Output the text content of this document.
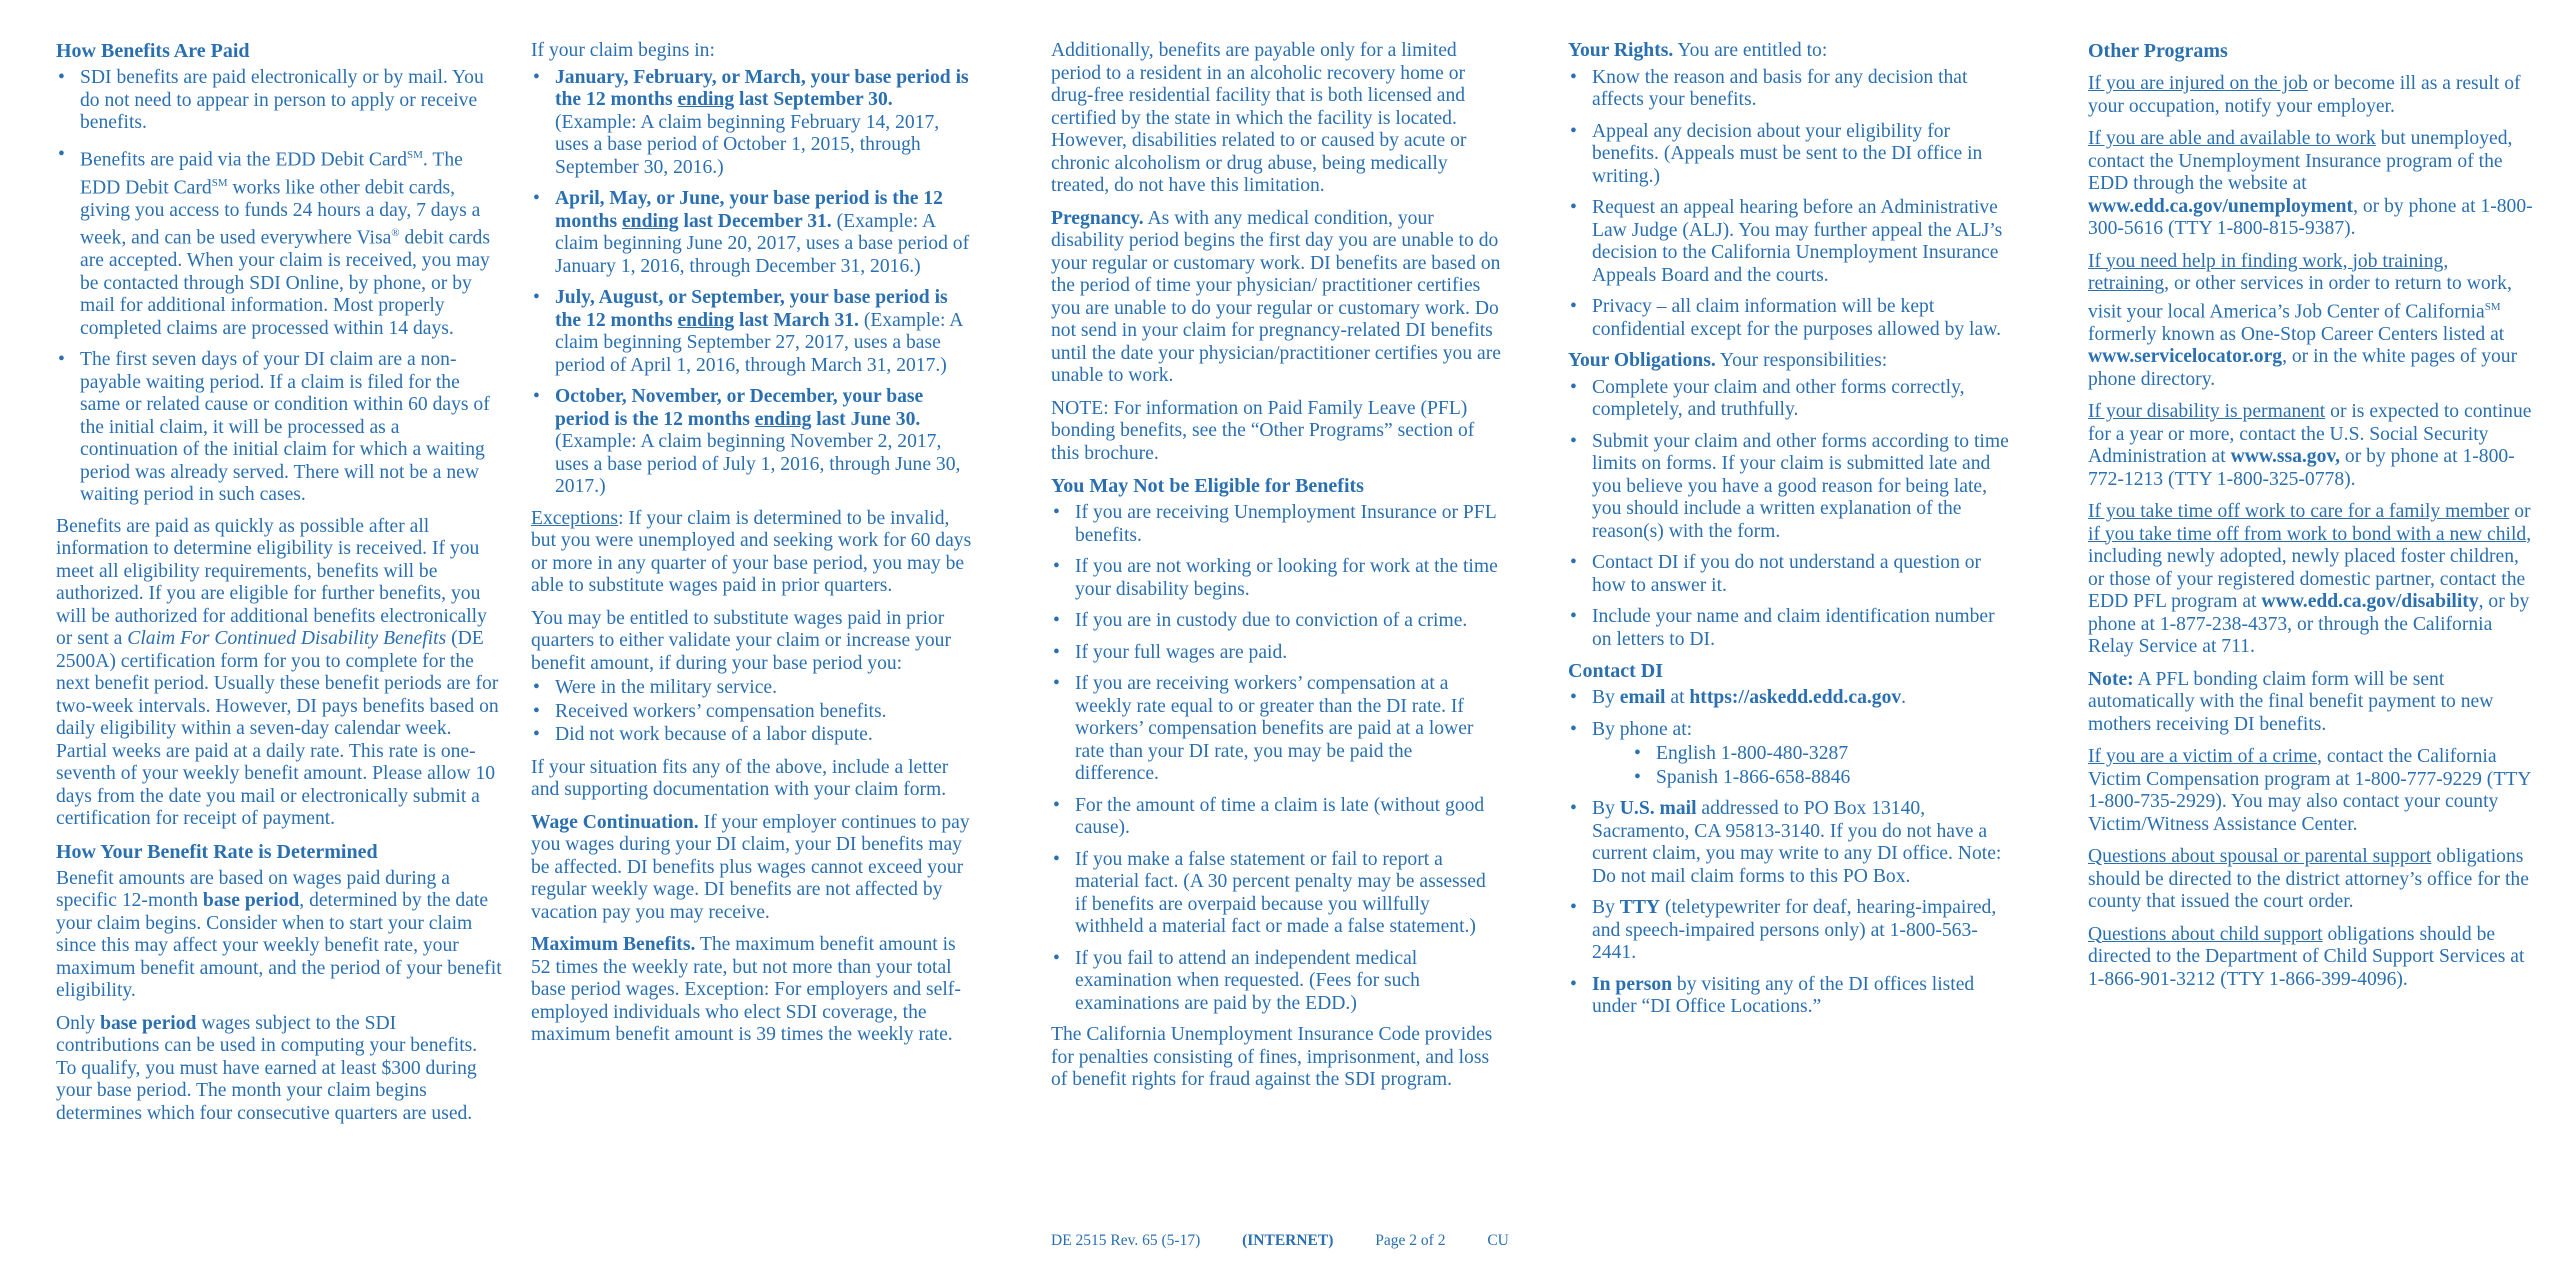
How Benefits Are Paid
• SDI benefits are paid electronically or by mail. You do not need to appear in person to apply or receive benefits.
• Benefits are paid via the EDD Debit Card℠. The EDD Debit Card℠ works like other debit cards, giving you access to funds 24 hours a day, 7 days a week, and can be used everywhere Visa® debit cards are accepted. When your claim is received, you may be contacted through SDI Online, by phone, or by mail for additional information. Most properly completed claims are processed within 14 days.
• The first seven days of your DI claim are a non-payable waiting period. If a claim is filed for the same or related cause or condition within 60 days of the initial claim, it will be processed as a continuation of the initial claim for which a waiting period was already served. There will not be a new waiting period in such cases.

Benefits are paid as quickly as possible after all information to determine eligibility is received. If you meet all eligibility requirements, benefits will be authorized. If you are eligible for further benefits, you will be authorized for additional benefits electronically or sent a Claim For Continued Disability Benefits (DE 2500A) certification form for you to complete for the next benefit period. Usually these benefit periods are for two-week intervals. However, DI pays benefits based on daily eligibility within a seven-day calendar week. Partial weeks are paid at a daily rate. This rate is one-seventh of your weekly benefit amount. Please allow 10 days from the date you mail or electronically submit a certification for receipt of payment.

How Your Benefit Rate is Determined

Benefit amounts are based on wages paid during a specific 12-month base period, determined by the date your claim begins. Consider when to start your claim since this may affect your weekly benefit rate, your maximum benefit amount, and the period of your benefit eligibility.

Only base period wages subject to the SDI contributions can be used in computing your benefits. To qualify, you must have earned at least $300 during your base period. The month your claim begins determines which four consecutive quarters are used.

If your claim begins in:

• January, February, or March, your base period is the 12 months ending last September 30. (Example: A claim beginning February 14, 2017, uses a base period of October 1, 2015, through September 30, 2016.)
• April, May, or June, your base period is the 12 months ending last December 31. (Example: A claim beginning June 20, 2017, uses a base period of January 1, 2016, through December 31, 2016.)
• July, August, or September, your base period is the 12 months ending last March 31. (Example: A claim beginning September 27, 2017, uses a base period of April 1, 2016, through March 31, 2017.)
• October, November, or December, your base period is the 12 months ending last June 30. (Example: A claim beginning November 2, 2017, uses a base period of July 1, 2016, through June 30, 2017.)

Exceptions: If your claim is determined to be invalid, but you were unemployed and seeking work for 60 days or more in any quarter of your base period, you may be able to substitute wages paid in prior quarters.

You may be entitled to substitute wages paid in prior quarters to either validate your claim or increase your benefit amount, if during your base period you:

• Were in the military service.
• Received workers’ compensation benefits.
• Did not work because of a labor dispute.

If your situation fits any of the above, include a letter and supporting documentation with your claim form.

Wage Continuation. If your employer continues to pay you wages during your DI claim, your DI benefits may be affected. DI benefits plus wages cannot exceed your regular weekly wage. DI benefits are not affected by vacation pay you may receive.

Maximum Benefits. The maximum benefit amount is 52 times the weekly rate, but not more than your total base period wages. Exception: For employers and self-employed individuals who elect SDI coverage, the maximum benefit amount is 39 times the weekly rate.

Additionally, benefits are payable only for a limited period to a resident in an alcoholic recovery home or drug-free residential facility that is both licensed and certified by the state in which the facility is located. However, disabilities related to or caused by acute or chronic alcoholism or drug abuse, being medically treated, do not have this limitation.

Pregnancy. As with any medical condition, your disability period begins the first day you are unable to do your regular or customary work. DI benefits are based on the period of time your physician/ practitioner certifies you are unable to do your regular or customary work. Do not send in your claim for pregnancy-related DI benefits until the date your physician/practitioner certifies you are unable to work.

NOTE: For information on Paid Family Leave (PFL) bonding benefits, see the “Other Programs” section of this brochure.

You May Not be Eligible for Benefits
• If you are receiving Unemployment Insurance or PFL benefits.
• If you are not working or looking for work at the time your disability begins.
• If you are in custody due to conviction of a crime.
• If your full wages are paid.
• If you are receiving workers’ compensation at a weekly rate equal to or greater than the DI rate. If workers’ compensation benefits are paid at a lower rate than your DI rate, you may be paid the difference.
• For the amount of time a claim is late (without good cause).
• If you make a false statement or fail to report a material fact. (A 30 percent penalty may be assessed if benefits are overpaid because you willfully withheld a material fact or made a false statement.)
• If you fail to attend an independent medical examination when requested. (Fees for such examinations are paid by the EDD.)

The California Unemployment Insurance Code provides for penalties consisting of fines, imprisonment, and loss of benefit rights for fraud against the SDI program.

Your Rights. You are entitled to:

• Know the reason and basis for any decision that affects your benefits.
• Appeal any decision about your eligibility for benefits. (Appeals must be sent to the DI office in writing.)
• Request an appeal hearing before an Administrative Law Judge (ALJ). You may further appeal the ALJ’s decision to the California Unemployment Insurance Appeals Board and the courts.
• Privacy – all claim information will be kept confidential except for the purposes allowed by law.

Your Obligations. Your responsibilities:

• Complete your claim and other forms correctly, completely, and truthfully.
• Submit your claim and other forms according to time limits on forms. If your claim is submitted late and you believe you have a good reason for being late, you should include a written explanation of the reason(s) with the form.
• Contact DI if you do not understand a question or how to answer it.
• Include your name and claim identification number on letters to DI.
Contact DI
• By email at https://askedd.edd.ca.gov.
• By phone at:
• English 1-800-480-3287
• Spanish 1-866-658-8846
• By U.S. mail addressed to PO Box 13140, Sacramento, CA 95813-3140. If you do not have a current claim, you may write to any DI office. Note: Do not mail claim forms to this PO Box.
• By TTY (teletypewriter for deaf, hearing-impaired, and speech-impaired persons only) at 1-800-563-2441.
• In person by visiting any of the DI offices listed under “DI Office Locations.”
Other Programs

If you are injured on the job or become ill as a result of your occupation, notify your employer.

If you are able and available to work but unemployed, contact the Unemployment Insurance program of the EDD through the website at www.edd.ca.gov/unemployment, or by phone at 1-800-300-5616 (TTY 1-800-815-9387).

If you need help in finding work, job training, retraining, or other services in order to return to work, visit your local America’s Job Center of California℠ formerly known as One-Stop Career Centers listed at www.servicelocator.org, or in the white pages of your phone directory.

If your disability is permanent or is expected to continue for a year or more, contact the U.S. Social Security Administration at www.ssa.gov, or by phone at 1-800-772-1213 (TTY 1-800-325-0778).

If you take time off work to care for a family member or if you take time off from work to bond with a new child, including newly adopted, newly placed foster children, or those of your registered domestic partner, contact the EDD PFL program at www.edd.ca.gov/disability, or by phone at 1-877-238-4373, or through the California Relay Service at 711.

Note: A PFL bonding claim form will be sent automatically with the final benefit payment to new mothers receiving DI benefits.

If you are a victim of a crime, contact the California Victim Compensation program at 1-800-777-9229 (TTY 1-800-735-2929). You may also contact your county Victim/Witness Assistance Center.

Questions about spousal or parental support obligations should be directed to the district attorney’s office for the county that issued the court order.

Questions about child support obligations should be directed to the Department of Child Support Services at 1-866-901-3212 (TTY 1-866-399-4096).

DE 2515 Rev. 65 (5-17) (INTERNET)	Page 2 of 2	CU
